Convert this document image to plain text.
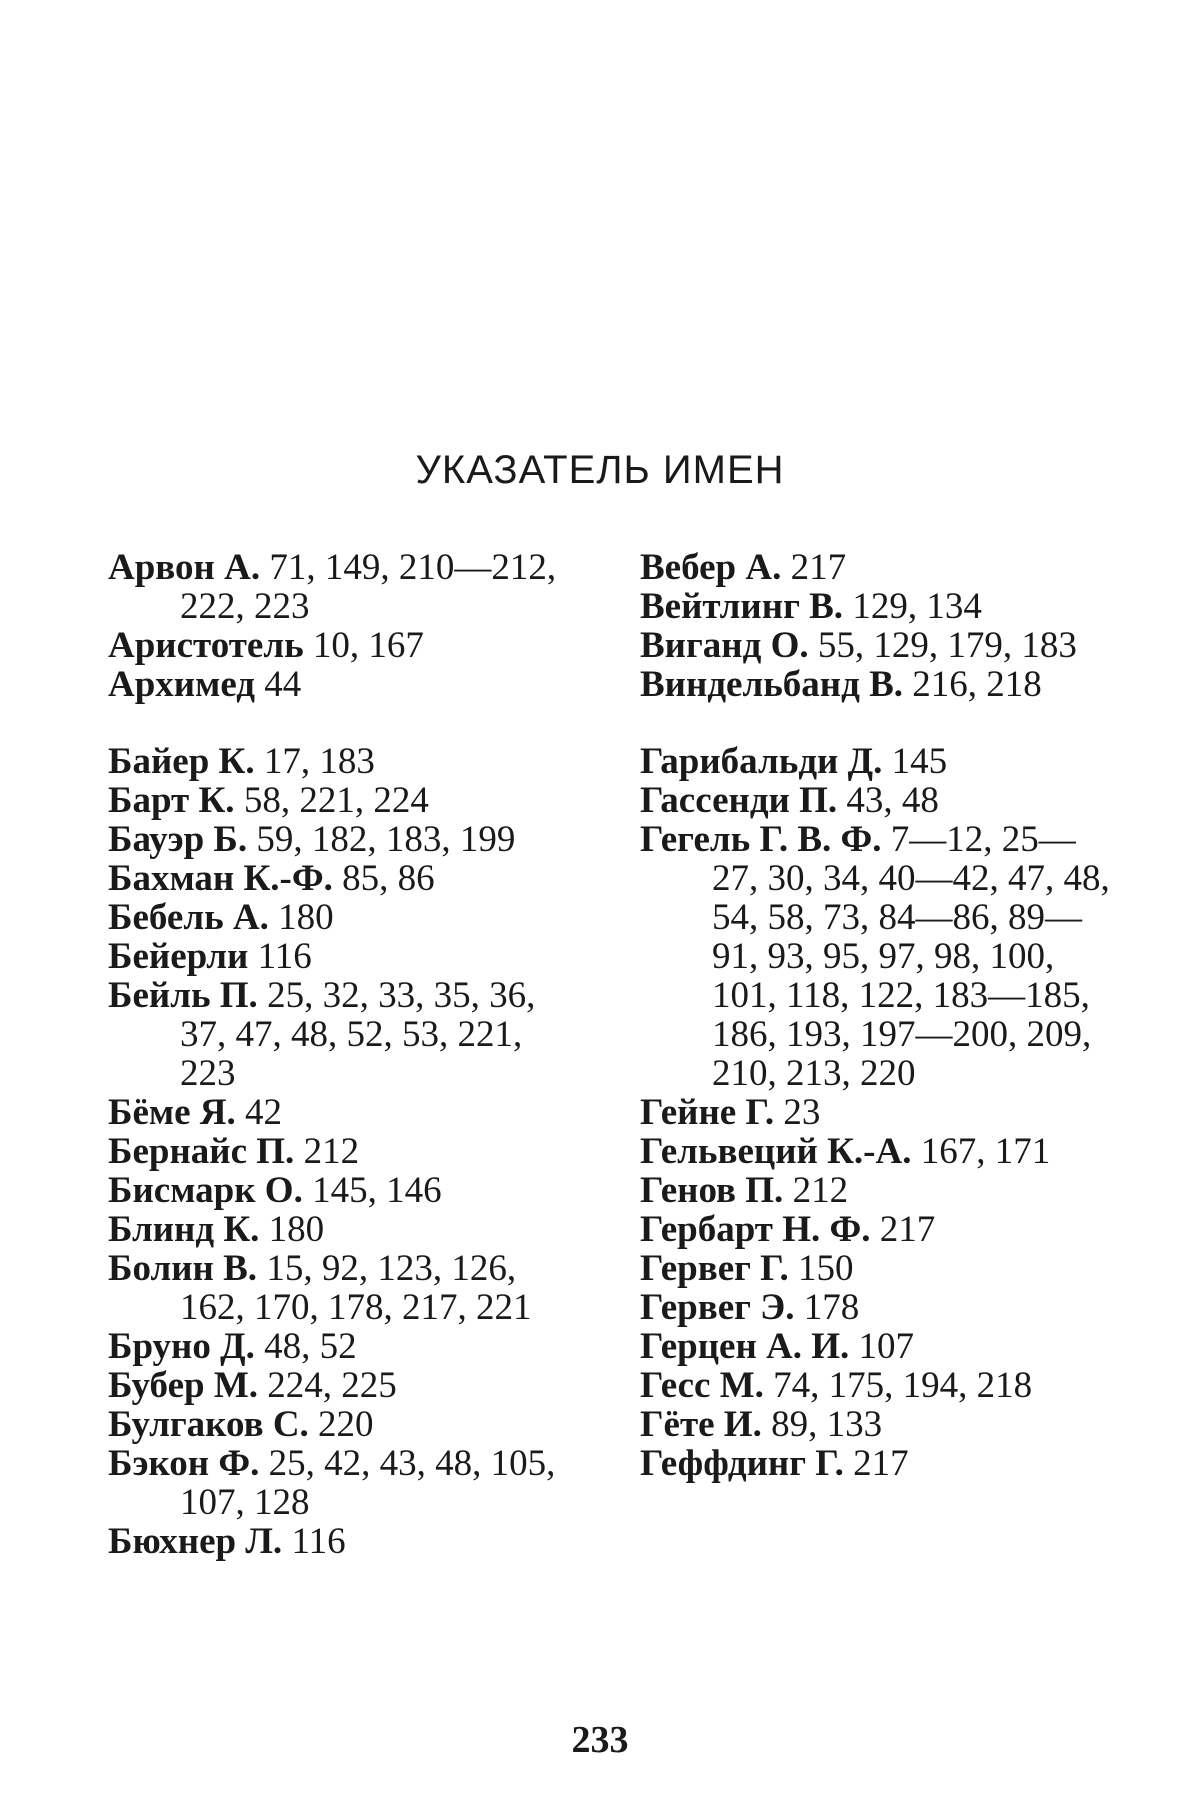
УКАЗАТЕЛЬ ИМЕН

Арвон А. 71, 149, 210—212, 222, 223

Аристотель 10, 167

Архимед 44

Байер К. 17, 183

Барт К. 58, 221, 224

Бауэр Б. 59, 182, 183, 199

Бахман К.-Ф. 85, 86

Бебель А. 180

Бейерли 116

Бейль П. 25, 32, 33, 35, 36, 37, 47, 48, 52, 53, 221, 223

Бёме Я. 42

Бернайс П. 212

Бисмарк О. 145, 146

Блинд К. 180

Болин В. 15, 92, 123, 126, 162, 170, 178, 217, 221

Бруно Д. 48, 52

Бубер М. 224, 225

Булгаков С. 220

Бэкон Ф. 25, 42, 43, 48, 105, 107, 128

Бюхнер Л. 116

Вебер А. 217

Вейтлинг В. 129, 134

Виганд О. 55, 129, 179, 183

Виндельбанд В. 216, 218

Гарибальди Д. 145

Гассенди П. 43, 48

Гегель Г. В. Ф. 7—12, 25—27, 30, 34, 40—42, 47, 48, 54, 58, 73, 84—86, 89—91, 93, 95, 97, 98, 100, 101, 118, 122, 183—185, 186, 193, 197—200, 209, 210, 213, 220

Гейне Г. 23

Гельвеций К.-А. 167, 171

Генов П. 212

Гербарт Н. Ф. 217

Гервег Г. 150

Гервег Э. 178

Герцен А. И. 107

Гесс М. 74, 175, 194, 218

Гёте И. 89, 133

Геффдинг Г. 217

233
